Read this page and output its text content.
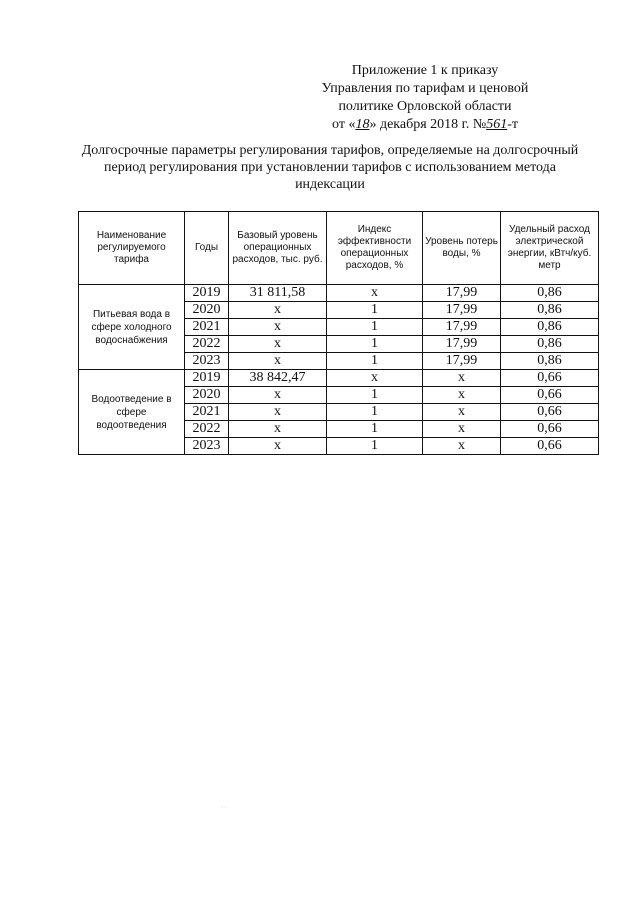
Приложение 1 к приказу
Управления по тарифам и ценовой
политике Орловской области
от «18» декабря 2018 г. №561-т
Долгосрочные параметры регулирования тарифов, определяемые на долгосрочный
период регулирования при установлении тарифов с использованием метода
индексации
Наименование регулируемого тарифа	Годы	Базовый уровень операционных расходов, тыс. руб.	Индекс эффективности операционных расходов, %	Уровень потерь воды, %	Удельный расход электрической энергии, кВтч/куб. метр
Питьевая вода в сфере холодного водоснабжения	2019	31 811,58	х	17,99	0,86
	2020	х	1	17,99	0,86
	2021	х	1	17,99	0,86
	2022	х	1	17,99	0,86
	2023	х	1	17,99	0,86
Водоотведение в сфере водоотведения	2019	38 842,47	х	х	0,66
	2020	х	1	х	0,66
	2021	х	1	х	0,66
	2022	х	1	х	0,66
	2023	х	1	х	0,66
· ·
